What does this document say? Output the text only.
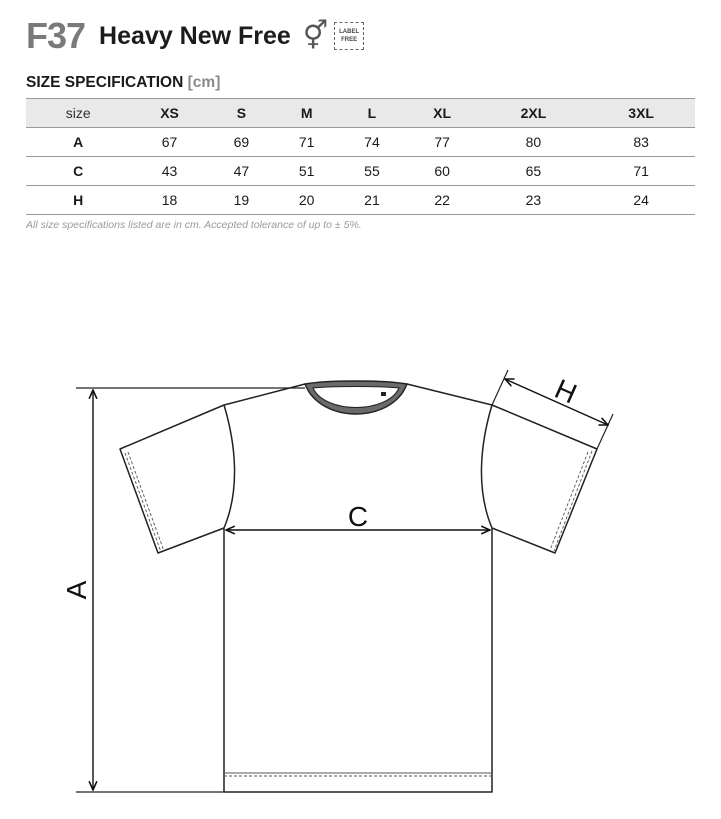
F37 Heavy New Free ⚥ LABEL
FREE
SIZE SPECIFICATION [cm]
size	XS	S	M	L	XL	2XL	3XL
A	67	69	71	74	77	80	83
C	43	47	51	55	60	65	71
H	18	19	20	21	22	23	24
All size specifications listed are in cm. Accepted tolerance of up to ± 5%.
A
C
H
